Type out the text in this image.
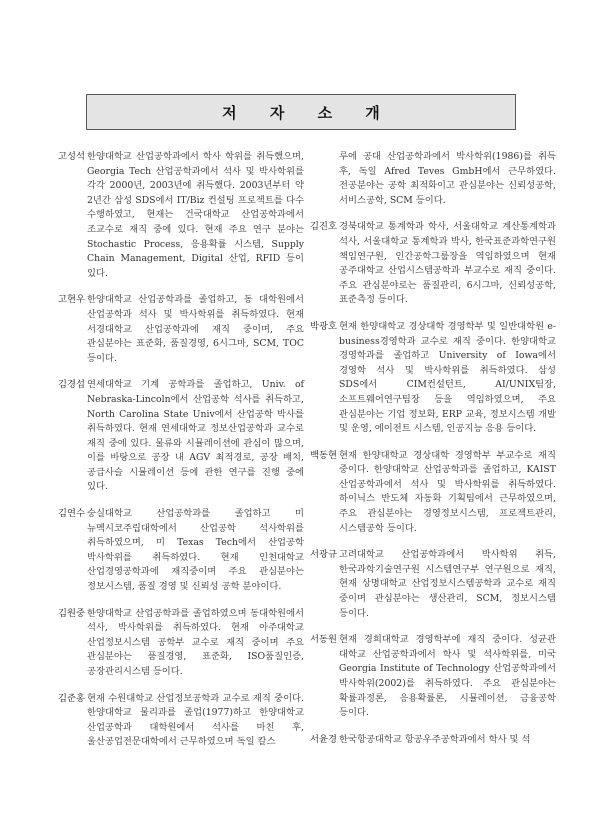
저 자 소 개
고성석 한양대학교 산업공학과에서 학사 학위를 취득했으며, Georgia Tech 산업공학과에서 석사 및 박사학위를 각각 2000년, 2003년에 취득했다. 2003년부터 약 2년간 삼성 SDS에서 IT/Biz 컨설팅 프로젝트를 다수 수행하였고, 현재는 건국대학교 산업공학과에서 조교수로 재직 중에 있다. 현재 주요 연구 분야는 Stochastic Process, 응용확률 시스템, Supply Chain Management, Digital 산업, RFID 등이 있다.
고현우 한양대학교 산업공학과를 졸업하고, 동 대학원에서 산업공학과 석사 및 박사학위를 취득하였다. 현재 서경대학교 산업공학과에 재직 중이며, 주요 관심분야는 표준화, 품질경영, 6시그마, SCM, TOC 등이다.
김경섭 연세대학교 기계 공학과를 졸업하고, Univ. of Nebraska-Lincoln에서 산업공학 석사를 취득하고, North Carolina State Univ에서 산업공학 박사를 취득하였다. 현재 연세대학교 정보산업공학과 교수로 재직 중에 있다. 물류와 시뮬레이션에 관심이 많으며, 이를 바탕으로 공장 내 AGV 최적경로, 공장 배치, 공급사슬 시뮬레이션 등에 관한 연구를 진행 중에 있다.
김연수 숭실대학교 산업공학과를 졸업하고 미 뉴멕시코주립대학에서 산업공학 석사학위를 취득하였으며, 미 Texas Tech에서 산업공학 박사학위를 취득하였다. 현재 인천대학교 산업경영공학과에 재직중이며 주요 관심분야는 정보시스템, 품질 경영 및 신뢰성 공학 분야이다.
김원중 한양대학교 산업공학과를 졸업하였으며 동대학원에서 석사, 박사학위를 취득하였다. 현재 아주대학교 산업정보시스템 공학부 교수로 재직 중이며 주요 관심분야는 품질경영, 표준화, ISO품질인증, 공장관리시스템 등이다.
김준홍 현재 수원대학교 산업정보공학과 교수로 재직 중이다. 한양대학교 물리과를 졸업(1977)하고 한양대학교 산업공학과 대학원에서 석사를 마친 후, 울산공업전문대학에서 근무하였으며 독일 칼스
루에 공대 산업공학과에서 박사학위(1986)를 취득 후, 독일 Afred Teves GmbH에서 근무하였다. 전공분야는 공학 최적화이고 관심분야는 신뢰성공학, 서비스공학, SCM 등이다.
김진호 경북대학교 통계학과 학사, 서울대학교 계산통계학과 석사, 서울대학교 통계학과 박사, 한국표준과학연구원 책임연구원, 인간공학그룹장을 역임하였으며 현재 공주대학교 산업시스템공학과 부교수로 재직 중이다. 주요 관심분야로는 품질관리, 6시그마, 신뢰성공학, 표준측정 등이다.
박광호 현재 한양대학교 경상대학 경영학부 및 일반대학원 e-business경영학과 교수로 재직 중이다. 한양대학교 경영학과를 졸업하고 University of Iowa에서 경영학 석사 및 박사학위를 취득하였다. 삼성 SDS에서 CIM컨설턴트, AI/UNIX팀장, 소프트웨어연구팀장 등을 역임하였으며, 주요 관심분야는 기업 정보화, ERP 교육, 정보시스템 개발 및 운영, 에이전트 시스템, 인공지능 응용 등이다.
백동현 현재 한양대학교 경상대학 경영학부 부교수로 재직 중이다. 한양대학교 산업공학과를 졸업하고, KAIST 산업공학과에서 석사 및 박사학위를 취득하였다. 하이닉스 반도체 자동화 기획팀에서 근무하였으며, 주요 관심분야는 경영정보시스템, 프로젝트관리, 시스템공학 등이다.
서광규 고려대학교 산업공학과에서 박사학위 취득, 한국과학기술연구원 시스템연구부 연구원으로 재직, 현재 상명대학교 산업정보시스템공학과 교수로 재직 중이며 관심분야는 생산관리, SCM, 정보시스템 등이다.
서동원 현재 경희대학교 경영학부에 재직 중이다. 성균관 대학교 산업공학과에서 학사 및 석사학위를, 미국 Georgia Institute of Technology 산업공학과에서 박사학위(2002)를 취득하였다. 주요 관심분야는 확률과정론, 응용확률론, 시뮬레이션, 금융공학 등이다.
서윤경 한국항공대학교 항공우주공학과에서 학사 및 석
